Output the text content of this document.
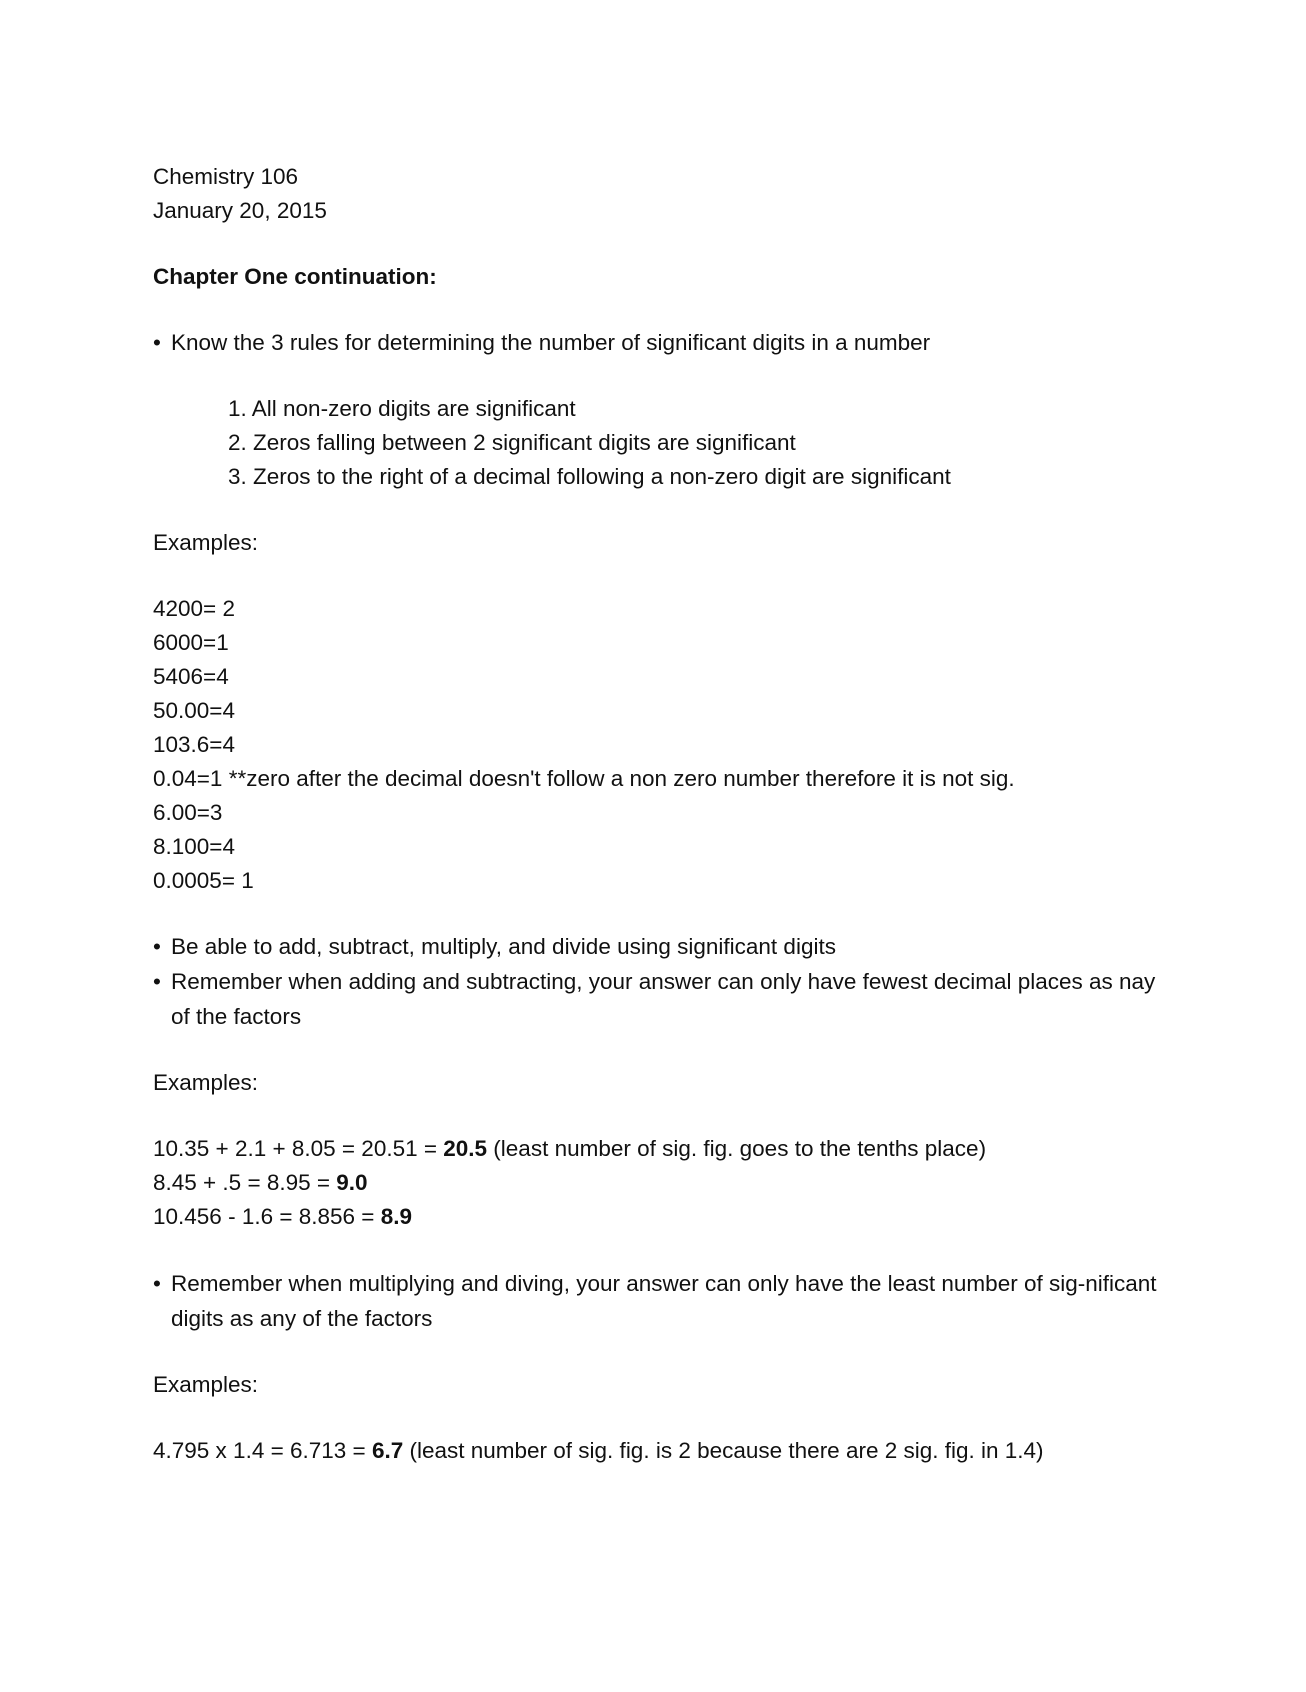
Chemistry 106
January 20, 2015
Chapter One continuation:
• Know the 3 rules for determining the number of significant digits in a number
1. All non-zero digits are significant
2. Zeros falling between 2 significant digits are significant
3. Zeros to the right of a decimal following a non-zero digit are significant
Examples:
4200= 2
6000=1
5406=4
50.00=4
103.6=4
0.04=1 **zero after the decimal doesn't follow a non zero number therefore it is not sig.
6.00=3
8.100=4
0.0005= 1
• Be able to add, subtract, multiply, and divide using significant digits
• Remember when adding and subtracting, your answer can only have fewest decimal places as nay of the factors
Examples:
10.35 + 2.1 + 8.05 = 20.51 = 20.5 (least number of sig. fig. goes to the tenths place)
8.45 + .5 = 8.95 = 9.0
10.456 - 1.6 = 8.856 = 8.9
• Remember when multiplying and diving, your answer can only have the least number of sig-nificant digits as any of the factors
Examples:
4.795 x 1.4 = 6.713 = 6.7 (least number of sig. fig. is 2 because there are 2 sig. fig. in 1.4)
